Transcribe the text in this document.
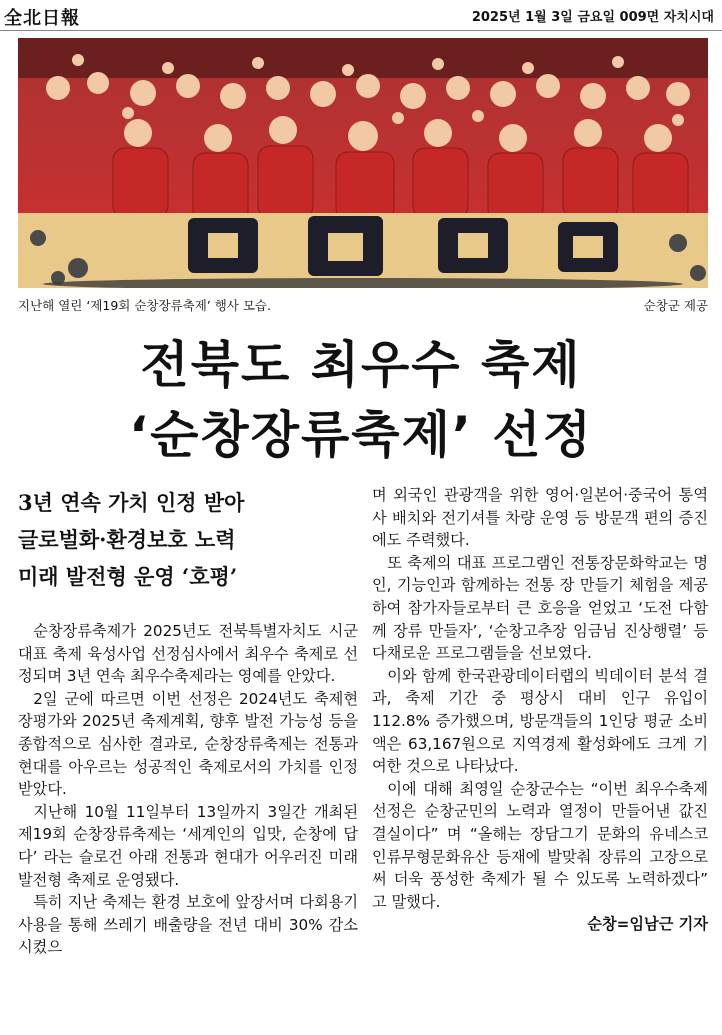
全北日報	2025년 1월 3일 금요일 009면 자치시대
지난해 열린 ‘제19회 순창장류축제’ 행사 모습.	순창군 제공
전북도 최우수 축제
‘순창장류축제’ 선정
3년 연속 가치 인정 받아
글로벌화·환경보호 노력
미래 발전형 운영 ‘호평’

순창장류축제가 2025년도 전북특별자치도 시군 대표 축제 육성사업 선정심사에서 최우수 축제로 선정되며 3년 연속 최우수축제라는 영예를 안았다.

2일 군에 따르면 이번 선정은 2024년도 축제현장평가와 2025년 축제계획, 향후 발전 가능성 등을 종합적으로 심사한 결과로, 순창장류축제는 전통과 현대를 아우르는 성공적인 축제로서의 가치를 인정받았다.

지난해 10월 11일부터 13일까지 3일간 개최된 제19회 순창장류축제는 ‘세계인의 입맛, 순창에 답다’ 라는 슬로건 아래 전통과 현대가 어우러진 미래 발전형 축제로 운영됐다.

특히 지난 축제는 환경 보호에 앞장서며 다회용기 사용을 통해 쓰레기 배출량을 전년 대비 30% 감소시켰으

며 외국인 관광객을 위한 영어·일본어·중국어 통역사 배치와 전기셔틀 차량 운영 등 방문객 편의 증진에도 주력했다.

또 축제의 대표 프로그램인 전통장문화학교는 명인, 기능인과 함께하는 전통 장 만들기 체험을 제공하여 참가자들로부터 큰 호응을 얻었고 ‘도전 다함께 장류 만들자’, ‘순창고추장 임금님 진상행렬’ 등 다채로운 프로그램들을 선보였다.

이와 함께 한국관광데이터랩의 빅데이터 분석 결과, 축제 기간 중 평상시 대비 인구 유입이 112.8% 증가했으며, 방문객들의 1인당 평균 소비액은 63,167원으로 지역경제 활성화에도 크게 기여한 것으로 나타났다.

이에 대해 최영일 순창군수는 “이번 최우수축제 선정은 순창군민의 노력과 열정이 만들어낸 값진 결실이다” 며 “올해는 장담그기 문화의 유네스코 인류무형문화유산 등재에 발맞춰 장류의 고장으로써 더욱 풍성한 축제가 될 수 있도록 노력하겠다” 고 말했다.

순창=임남근 기자
